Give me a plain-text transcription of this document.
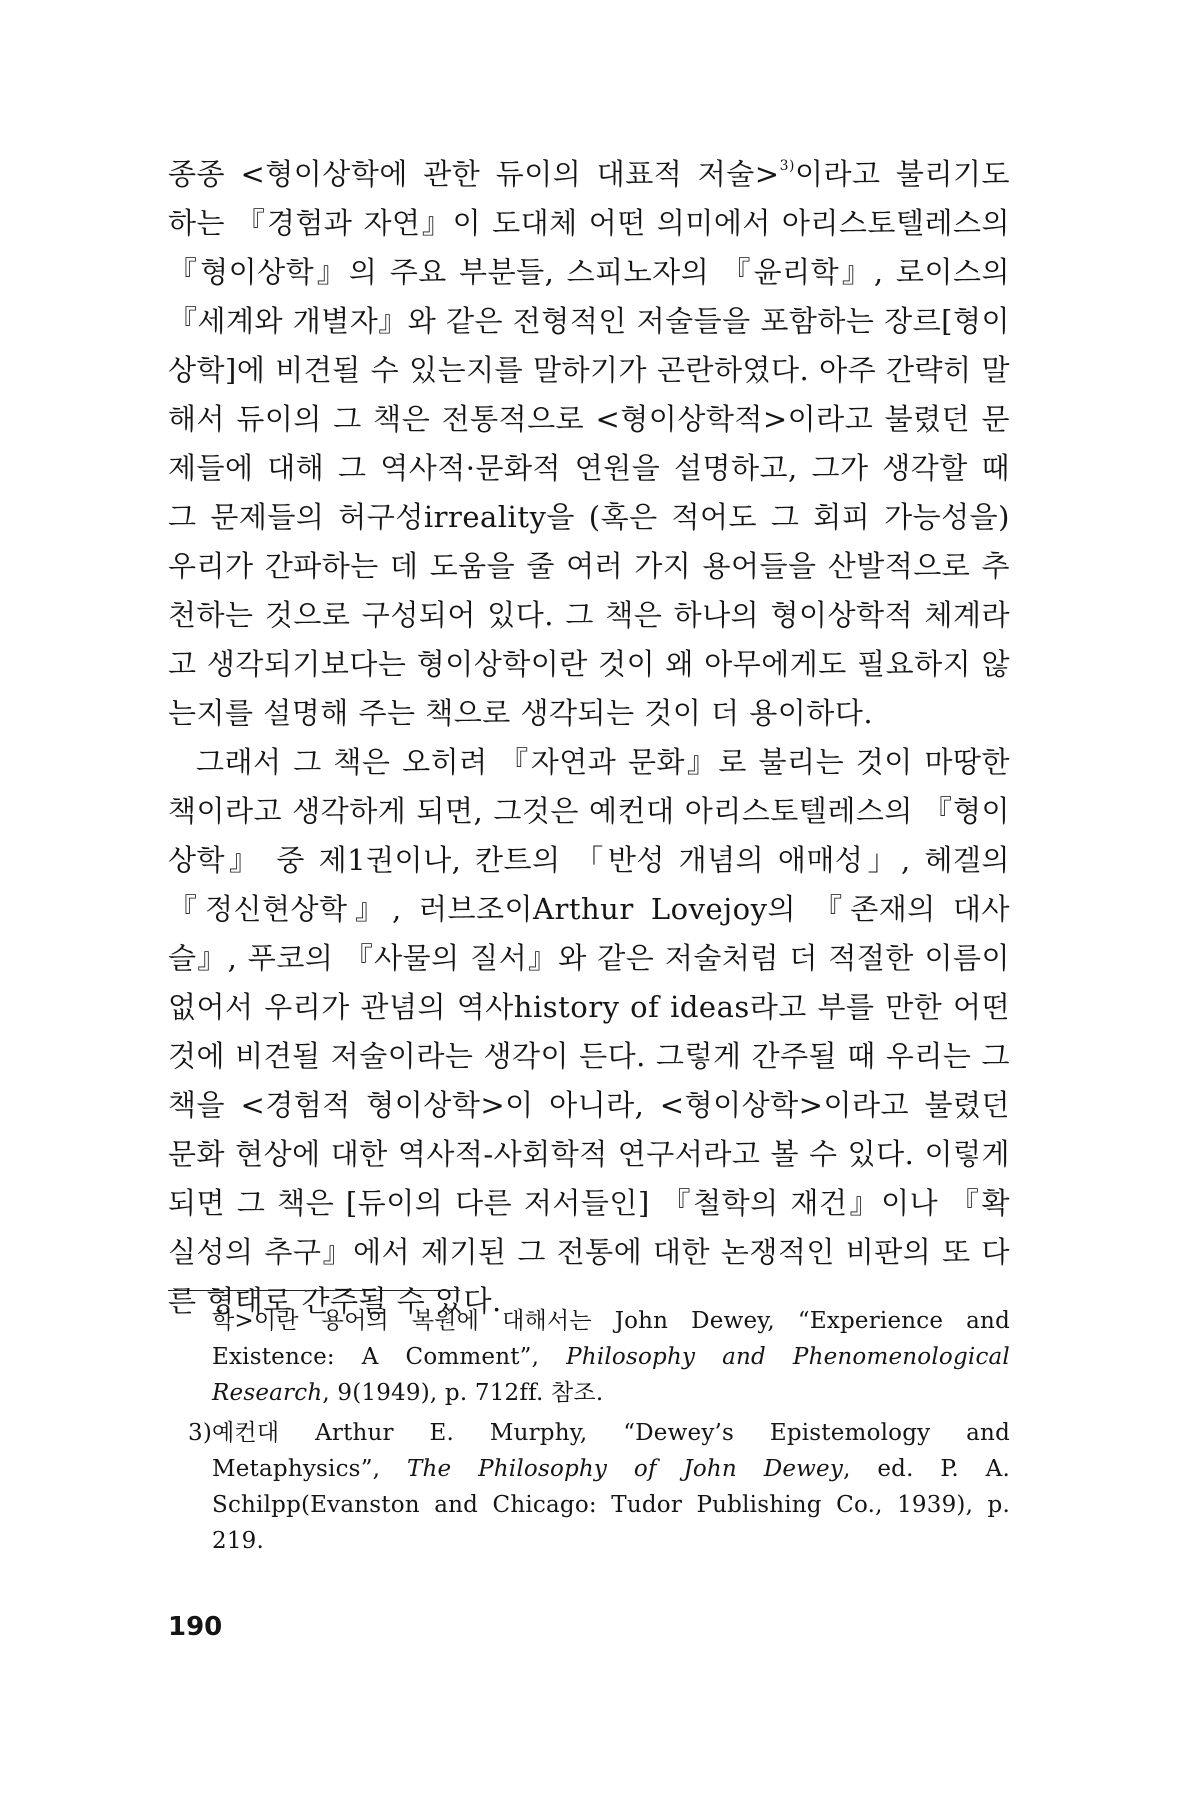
종종 <형이상학에 관한 듀이의 대표적 저술>$^{3)}$이라고 불리기도 하는 『경험과 자연』이 도대체 어떤 의미에서 아리스토텔레스의 『형이상학』의 주요 부분들, 스피노자의 『윤리학』, 로이스의 『세계와 개별자』와 같은 전형적인 저술들을 포함하는 장르[형이상학]에 비견될 수 있는지를 말하기가 곤란하였다. 아주 간략히 말해서 듀이의 그 책은 전통적으로 <형이상학적>이라고 불렸던 문제들에 대해 그 역사적·문화적 연원을 설명하고, 그가 생각할 때 그 문제들의 허구성irreality을 (혹은 적어도 그 회피 가능성을) 우리가 간파하는 데 도움을 줄 여러 가지 용어들을 산발적으로 추천하는 것으로 구성되어 있다. 그 책은 하나의 형이상학적 체계라고 생각되기보다는 형이상학이란 것이 왜 아무에게도 필요하지 않는지를 설명해 주는 책으로 생각되는 것이 더 용이하다.

그래서 그 책은 오히려 『자연과 문화』로 불리는 것이 마땅한 책이라고 생각하게 되면, 그것은 예컨대 아리스토텔레스의 『형이상학』 중 제1권이나, 칸트의 「반성 개념의 애매성」, 헤겔의 『정신현상학』, 러브조이Arthur Lovejoy의 『존재의 대사슬』, 푸코의 『사물의 질서』와 같은 저술처럼 더 적절한 이름이 없어서 우리가 관념의 역사history of ideas라고 부를 만한 어떤 것에 비견될 저술이라는 생각이 든다. 그렇게 간주될 때 우리는 그 책을 <경험적 형이상학>이 아니라, <형이상학>이라고 불렸던 문화 현상에 대한 역사적-사회학적 연구서라고 볼 수 있다. 이렇게 되면 그 책은 [듀이의 다른 저서들인] 『철학의 재건』이나 『확실성의 추구』에서 제기된 그 전통에 대한 논쟁적인 비판의 또 다른 형태로 간주될 수 있다.

학>이란 용어의 복원에 대해서는 John Dewey, “Experience and Existence: A Comment”, Philosophy and Phenomenological Research, 9(1949), p. 712ff. 참조.

3)예컨대 Arthur E. Murphy, “Dewey’s Epistemology and Metaphysics”, The Philosophy of John Dewey, ed. P. A. Schilpp(Evanston and Chicago: Tudor Publishing Co., 1939), p. 219.

190
